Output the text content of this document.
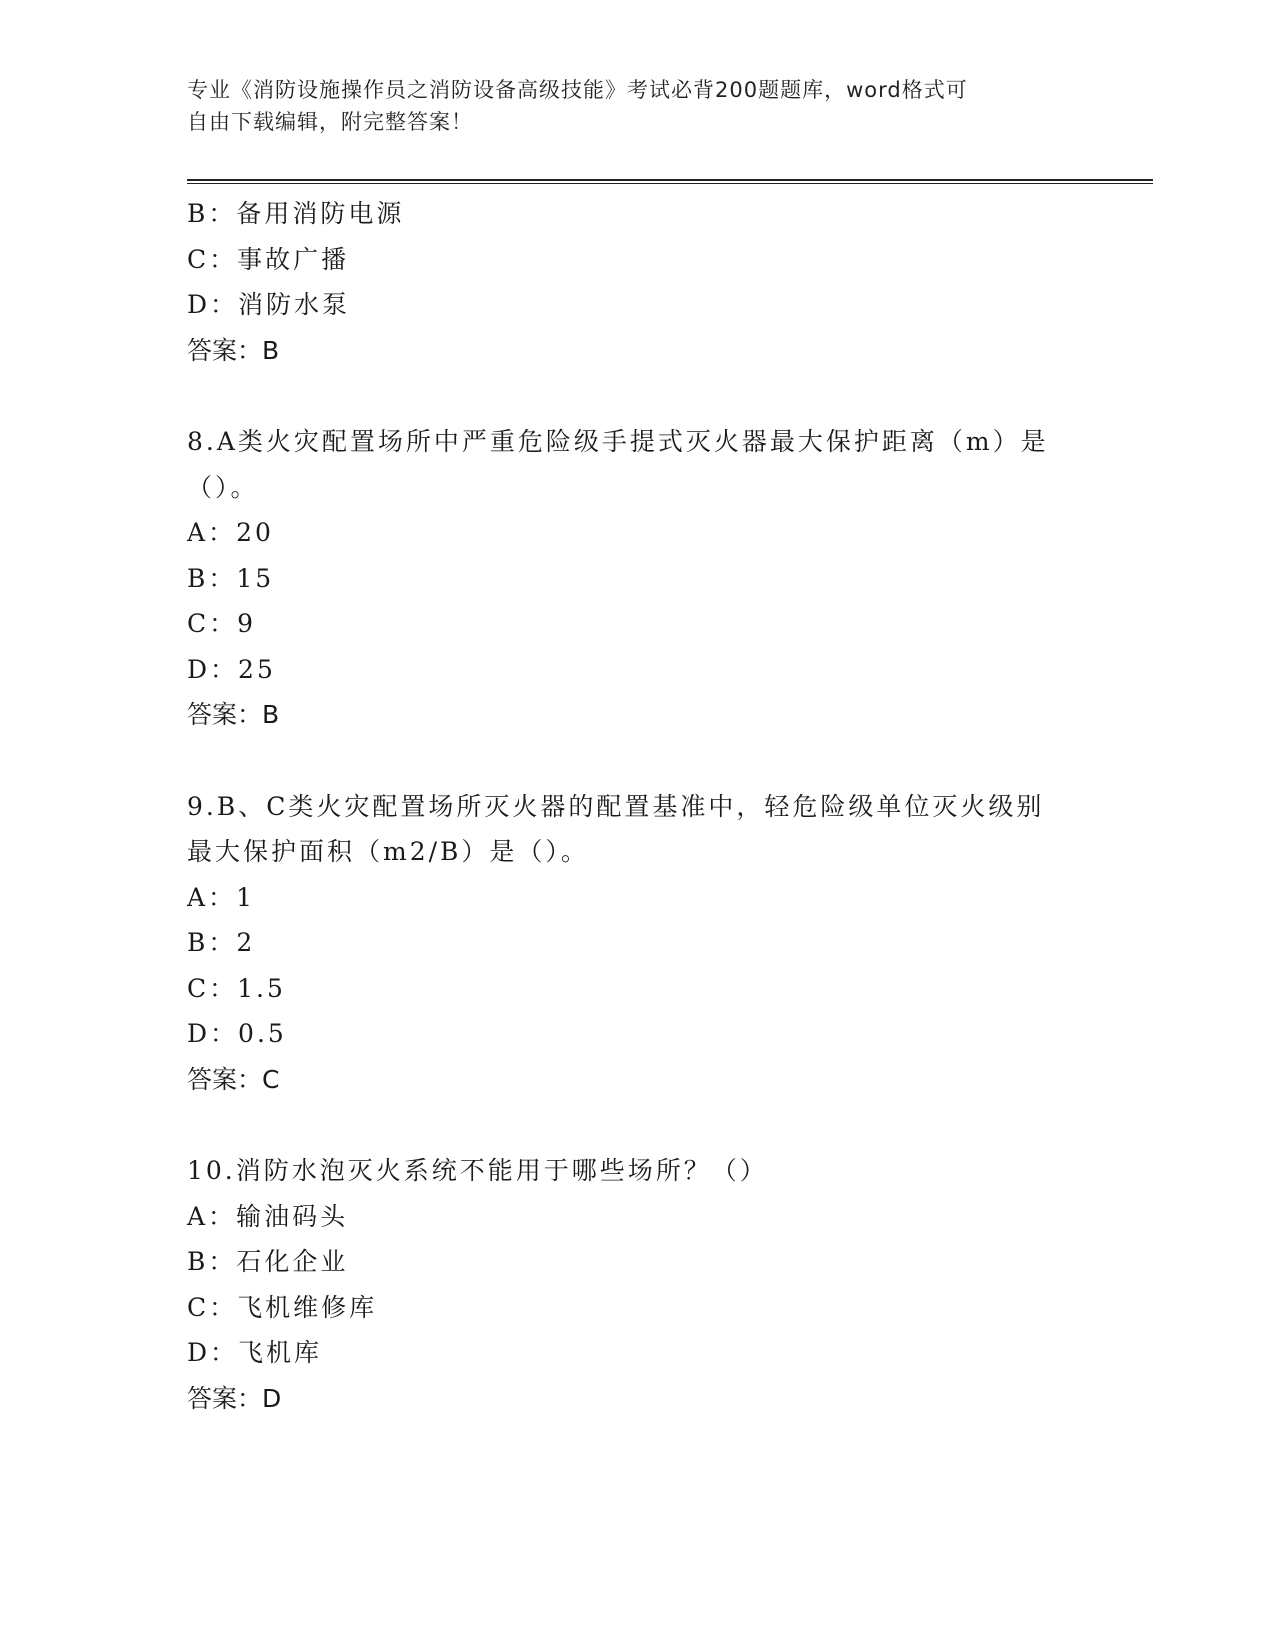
专业《消防设施操作员之消防设备高级技能》考试必背200题题库，word格式可
自由下载编辑，附完整答案！
B：备用消防电源
C：事故广播
D：消防水泵
答案：B
8.A类火灾配置场所中严重危险级手提式灭火器最大保护距离（m）是
（）。
A：20
B：15
C：9
D：25
答案：B
9.B、C类火灾配置场所灭火器的配置基准中，轻危险级单位灭火级别
最大保护面积（m2/B）是（）。
A：1
B：2
C：1.5
D：0.5
答案：C
10.消防水泡灭火系统不能用于哪些场所？（）
A：输油码头
B：石化企业
C：飞机维修库
D：飞机库
答案：D
